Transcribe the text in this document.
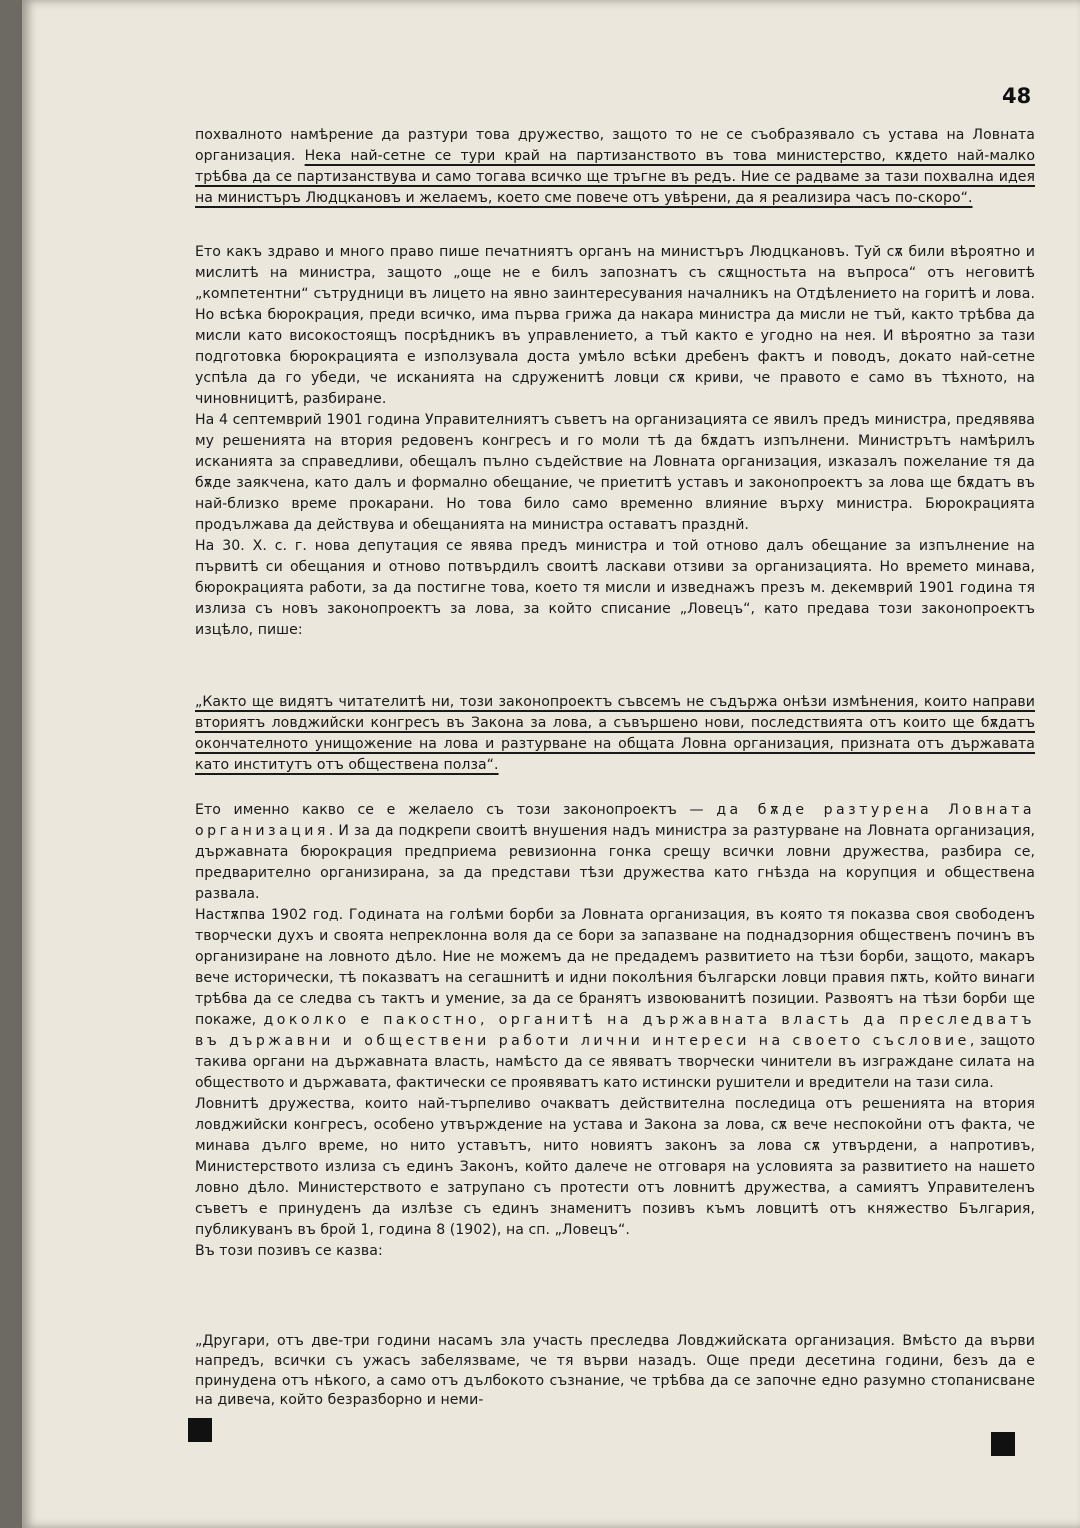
48

похвалното намѣрение да разтури това дружество, защото то не се съобразявало съ устава на Ловната организация. Нека най-сетне се тури край на партизанството въ това министерство, кѫдето най-малко трѣбва да се партизанствува и само тогава всичко ще тръгне въ редъ. Ние се радваме за тази похвална идея на министъръ Людцкановъ и желаемъ, което сме повече отъ увѣрени, да я реализира часъ по-скоро“.

Ето какъ здраво и много право пише печатниятъ органъ на министъръ Людцкановъ. Туй сѫ били вѣроятно и мислитѣ на министра, защото „още не е билъ запознатъ съ сѫщностьта на въпроса“ отъ неговитѣ „компетентни“ сътрудници въ лицето на явно заинтересувания началникъ на Отдѣлението на горитѣ и лова. Но всѣка бюрокрация, преди всичко, има първа грижа да накара министра да мисли не тъй, както трѣбва да мисли като високостоящъ посрѣдникъ въ управлението, а тъй както е угодно на нея. И вѣроятно за тази подготовка бюрокрацията е използувала доста умѣло всѣки дребенъ фактъ и поводъ, докато най-сетне успѣла да го убеди, че исканията на сдруженитѣ ловци сѫ криви, че правото е само въ тѣхното, на чиновницитѣ, разбиране.

На 4 септемврий 1901 година Управителниятъ съветъ на организацията се явилъ предъ министра, предявява му решенията на втория редовенъ конгресъ и го моли тѣ да бѫдатъ изпълнени. Министрътъ намѣрилъ исканията за справедливи, обещалъ пълно съдействие на Ловната организация, изказалъ пожелание тя да бѫде заякчена, като далъ и формално обещание, че приетитѣ уставъ и законопроектъ за лова ще бѫдатъ въ най-близко време прокарани. Но това било само временно влияние върху министра. Бюрокрацията продължава да действува и обещанията на министра оставатъ празднй.

На 30. X. с. г. нова депутация се явява предъ министра и той отново далъ обещание за изпълнение на първитѣ си обещания и отново потвърдилъ своитѣ ласкави отзиви за организацията. Но времето минава, бюрокрацията работи, за да постигне това, което тя мисли и изведнажъ презъ м. декемврий 1901 година тя излиза съ новъ законопроектъ за лова, за който списание „Ловецъ“, като предава този законопроектъ изцѣло, пише:

„Както ще видятъ читателитѣ ни, този законопроектъ съвсемъ не съдържа онѣзи измѣнения, които направи вториятъ ловджийски конгресъ въ Закона за лова, а съвършено нови, последствията отъ които ще бѫдатъ окончателното унищожение на лова и разтурване на общата Ловна организация, призната отъ държавата като институтъ отъ обществена полза“.

Ето именно какво се е желаело съ този законопроектъ — да бѫде разтурена Ловната организация. И за да подкрепи своитѣ внушения надъ министра за разтурване на Ловната организация, държавната бюрокрация предприема ревизионна гонка срещу всички ловни дружества, разбира се, предварително организирана, за да представи тѣзи дружества като гнѣзда на корупция и обществена развала.

Настѫпва 1902 год. Годината на голѣми борби за Ловната организация, въ която тя показва своя свободенъ творчески духъ и своята непреклонна воля да се бори за запазване на поднадзорния общественъ починъ въ организиране на ловното дѣло. Ние не можемъ да не предадемъ развитието на тѣзи борби, защото, макаръ вече исторически, тѣ показватъ на сегашнитѣ и идни поколѣния български ловци правия пѫть, който винаги трѣбва да се следва съ тактъ и умение, за да се бранятъ извоюванитѣ позиции. Развоятъ на тѣзи борби ще покаже, доколко е пакостно, органитѣ на държавната власть да преследватъ въ държавни и обществени работи лични интереси на своето съсловие, защото такива органи на държавната власть, намѣсто да се явяватъ творчески чинители въ изграждане силата на обществото и държавата, фактически се проявяватъ като истински рушители и вредители на тази сила.

Ловнитѣ дружества, които най-търпеливо очакватъ действителна последица отъ решенията на втория ловджийски конгресъ, особено утвърждение на устава и Закона за лова, сѫ вече неспокойни отъ факта, че минава дълго време, но нито уставътъ, нито новиятъ законъ за лова сѫ утвърдени, а напротивъ, Министерството излиза съ единъ Законъ, който далече не отговаря на условията за развитието на нашето ловно дѣло. Министерството е затрупано съ протести отъ ловнитѣ дружества, а самиятъ Управителенъ съветъ е принуденъ да излѣзе съ единъ знаменитъ позивъ къмъ ловцитѣ отъ княжество България, публикуванъ въ брой 1, година 8 (1902), на сп. „Ловецъ“.

Въ този позивъ се казва:

„Другари, отъ две-три години насамъ зла участь преследва Ловджийската организация. Вмѣсто да върви напредъ, всички съ ужасъ забелязваме, че тя върви назадъ. Още преди десетина години, безъ да е принудена отъ нѣкого, а само отъ дълбокото съзнание, че трѣбва да се започне едно разумно стопанисване на дивеча, който безразборно и неми-
